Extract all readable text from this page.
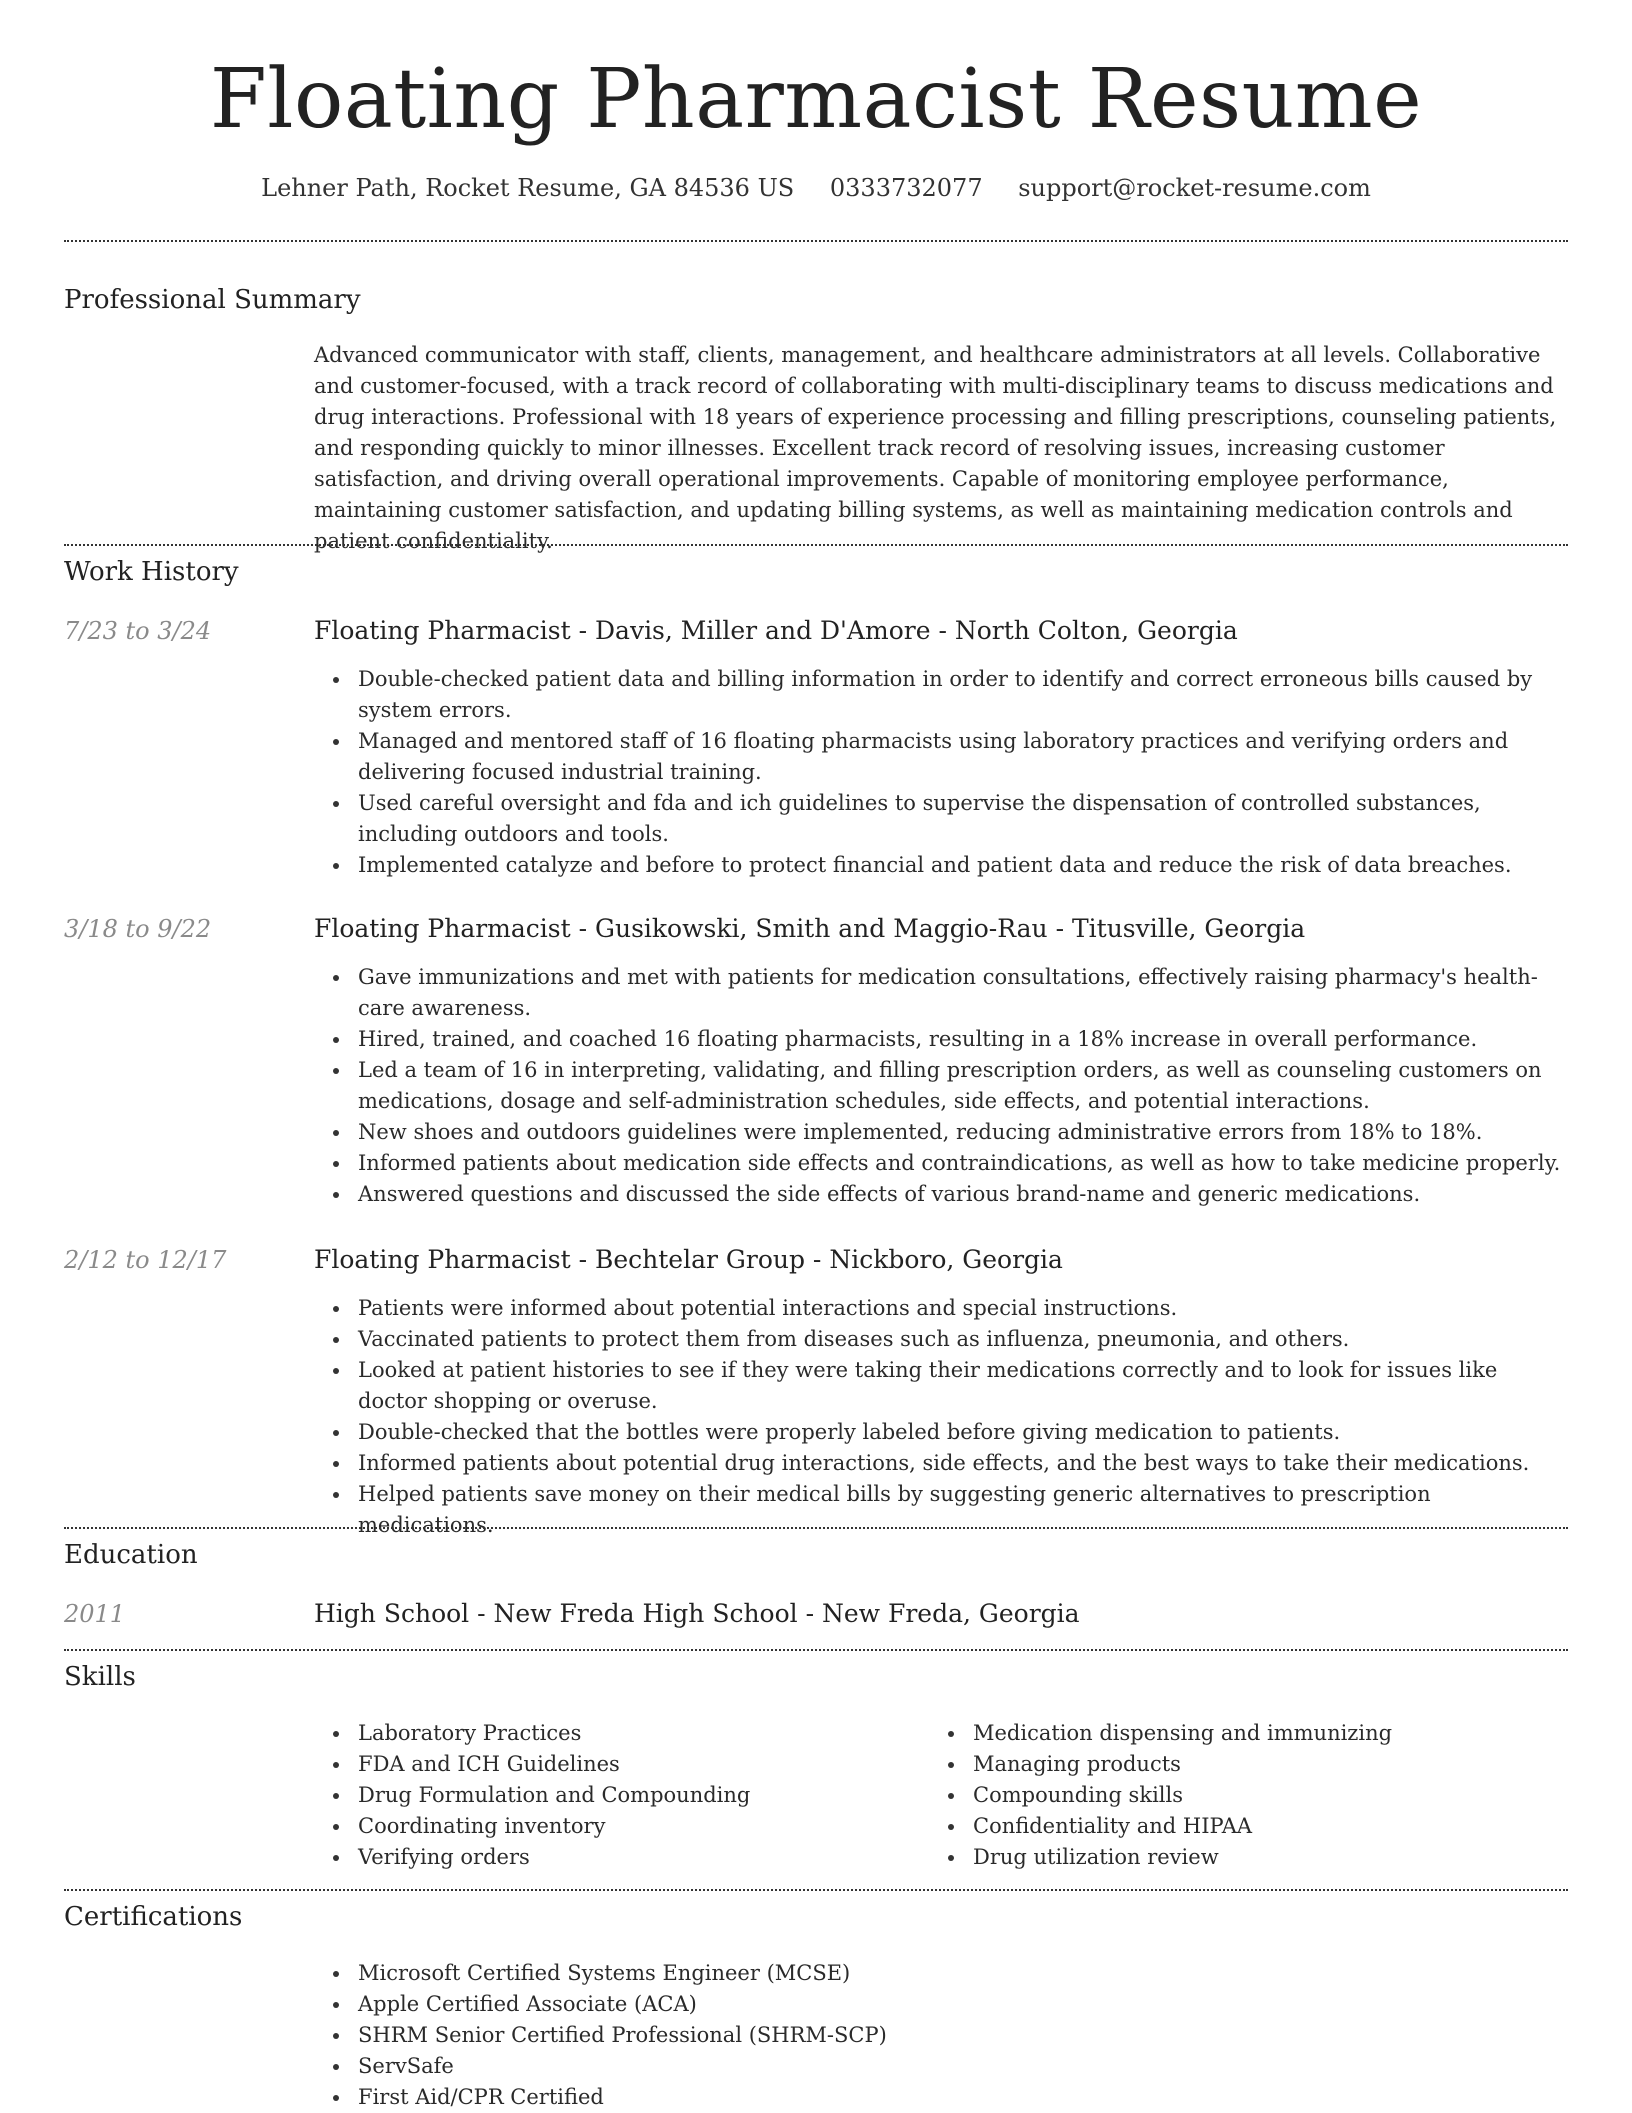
Floating Pharmacist Resume
Lehner Path, Rocket Resume, GA 84536 US 0333732077 support@rocket-resume.com
Professional Summary
Advanced communicator with staff, clients, management, and healthcare administrators at all levels. Collaborative and customer-focused, with a track record of collaborating with multi-disciplinary teams to discuss medications and drug interactions. Professional with 18 years of experience processing and filling prescriptions, counseling patients, and responding quickly to minor illnesses. Excellent track record of resolving issues, increasing customer satisfaction, and driving overall operational improvements. Capable of monitoring employee performance, maintaining customer satisfaction, and updating billing systems, as well as maintaining medication controls and patient confidentiality.
Work History
7/23 to 3/24	Floating Pharmacist - Davis, Miller and D'Amore - North Colton, Georgia
Double-checked patient data and billing information in order to identify and correct erroneous bills caused by system errors.
Managed and mentored staff of 16 floating pharmacists using laboratory practices and verifying orders and delivering focused industrial training.
Used careful oversight and fda and ich guidelines to supervise the dispensation of controlled substances, including outdoors and tools.
Implemented catalyze and before to protect financial and patient data and reduce the risk of data breaches.
3/18 to 9/22	Floating Pharmacist - Gusikowski, Smith and Maggio-Rau - Titusville, Georgia
Gave immunizations and met with patients for medication consultations, effectively raising pharmacy's health-care awareness.
Hired, trained, and coached 16 floating pharmacists, resulting in a 18% increase in overall performance.
Led a team of 16 in interpreting, validating, and filling prescription orders, as well as counseling customers on medications, dosage and self-administration schedules, side effects, and potential interactions.
New shoes and outdoors guidelines were implemented, reducing administrative errors from 18% to 18%.
Informed patients about medication side effects and contraindications, as well as how to take medicine properly.
Answered questions and discussed the side effects of various brand-name and generic medications.
2/12 to 12/17	Floating Pharmacist - Bechtelar Group - Nickboro, Georgia
Patients were informed about potential interactions and special instructions.
Vaccinated patients to protect them from diseases such as influenza, pneumonia, and others.
Looked at patient histories to see if they were taking their medications correctly and to look for issues like doctor shopping or overuse.
Double-checked that the bottles were properly labeled before giving medication to patients.
Informed patients about potential drug interactions, side effects, and the best ways to take their medications.
Helped patients save money on their medical bills by suggesting generic alternatives to prescription medications.
Education
2011	High School - New Freda High School - New Freda, Georgia
Skills
Laboratory Practices
FDA and ICH Guidelines
Drug Formulation and Compounding
Coordinating inventory
Verifying orders
Medication dispensing and immunizing
Managing products
Compounding skills
Confidentiality and HIPAA
Drug utilization review
Certifications
Microsoft Certified Systems Engineer (MCSE)
Apple Certified Associate (ACA)
SHRM Senior Certified Professional (SHRM-SCP)
ServSafe
First Aid/CPR Certified
